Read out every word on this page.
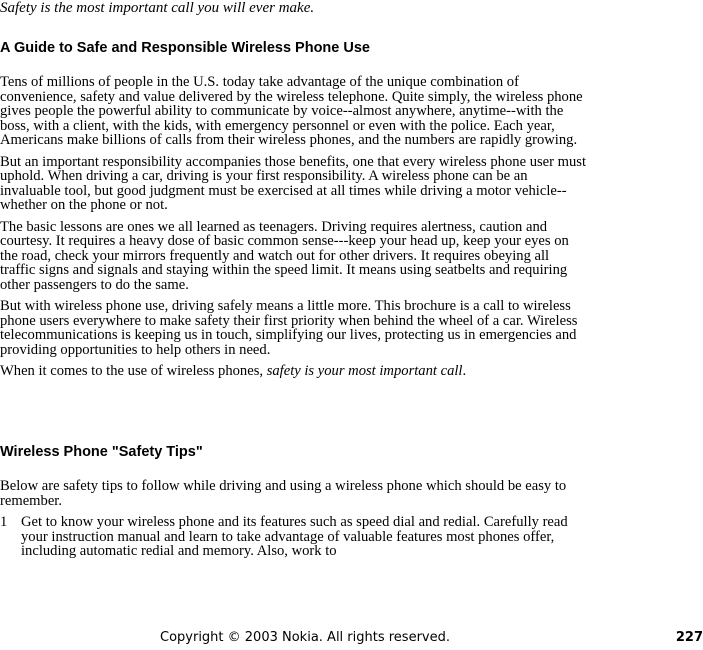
Safety is the most important call you will ever make.

A Guide to Safe and Responsible Wireless Phone Use

Tens of millions of people in the U.S. today take advantage of the unique combination of convenience, safety and value delivered by the wireless telephone. Quite simply, the wireless phone gives people the powerful ability to communicate by voice--almost anywhere, anytime--with the boss, with a client, with the kids, with emergency personnel or even with the police. Each year, Americans make billions of calls from their wireless phones, and the numbers are rapidly growing.

But an important responsibility accompanies those benefits, one that every wireless phone user must uphold. When driving a car, driving is your first responsibility. A wireless phone can be an invaluable tool, but good judgment must be exercised at all times while driving a motor vehicle--whether on the phone or not.

The basic lessons are ones we all learned as teenagers. Driving requires alertness, caution and courtesy. It requires a heavy dose of basic common sense---keep your head up, keep your eyes on the road, check your mirrors frequently and watch out for other drivers. It requires obeying all traffic signs and signals and staying within the speed limit. It means using seatbelts and requiring other passengers to do the same.

But with wireless phone use, driving safely means a little more. This brochure is a call to wireless phone users everywhere to make safety their first priority when behind the wheel of a car. Wireless telecommunications is keeping us in touch, simplifying our lives, protecting us in emergencies and providing opportunities to help others in need.

When it comes to the use of wireless phones, safety is your most important call.

Wireless Phone "Safety Tips"

Below are safety tips to follow while driving and using a wireless phone which should be easy to remember.

1 Get to know your wireless phone and its features such as speed dial and redial. Carefully read your instruction manual and learn to take advantage of valuable features most phones offer, including automatic redial and memory. Also, work to
Copyright © 2003 Nokia. All rights reserved.	227
